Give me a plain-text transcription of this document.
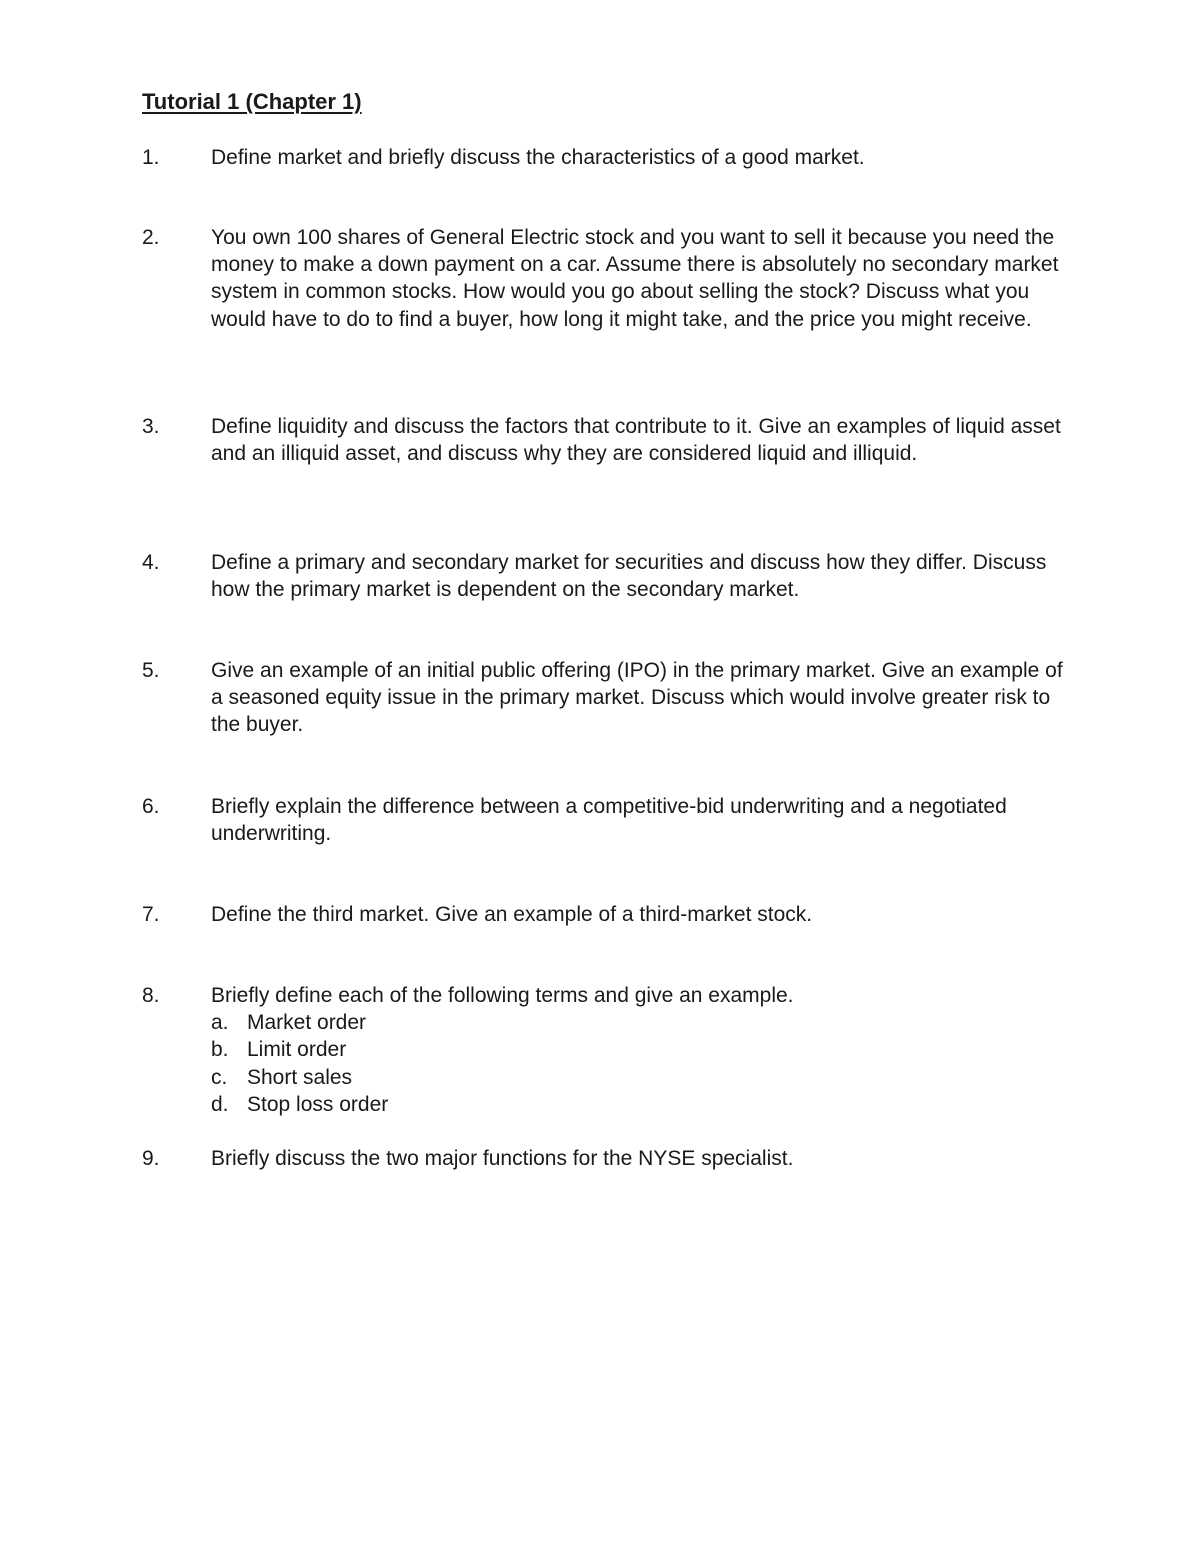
Tutorial 1 (Chapter 1)
1. Define market and briefly discuss the characteristics of a good market.

2. You own 100 shares of General Electric stock and you want to sell it because you need the money to make a down payment on a car. Assume there is absolutely no secondary market system in common stocks. How would you go about selling the stock? Discuss what you would have to do to find a buyer, how long it might take, and the price you might receive.

3. Define liquidity and discuss the factors that contribute to it. Give an examples of liquid asset and an illiquid asset, and discuss why they are considered liquid and illiquid.

4. Define a primary and secondary market for securities and discuss how they differ. Discuss how the primary market is dependent on the secondary market.

5. Give an example of an initial public offering (IPO) in the primary market. Give an example of a seasoned equity issue in the primary market. Discuss which would involve greater risk to the buyer.

6. Briefly explain the difference between a competitive-bid underwriting and a negotiated underwriting.

7. Define the third market. Give an example of a third-market stock.

8. Briefly define each of the following terms and give an example.
a. Market order
b. Limit order
c. Short sales
d. Stop loss order
9. Briefly discuss the two major functions for the NYSE specialist.
